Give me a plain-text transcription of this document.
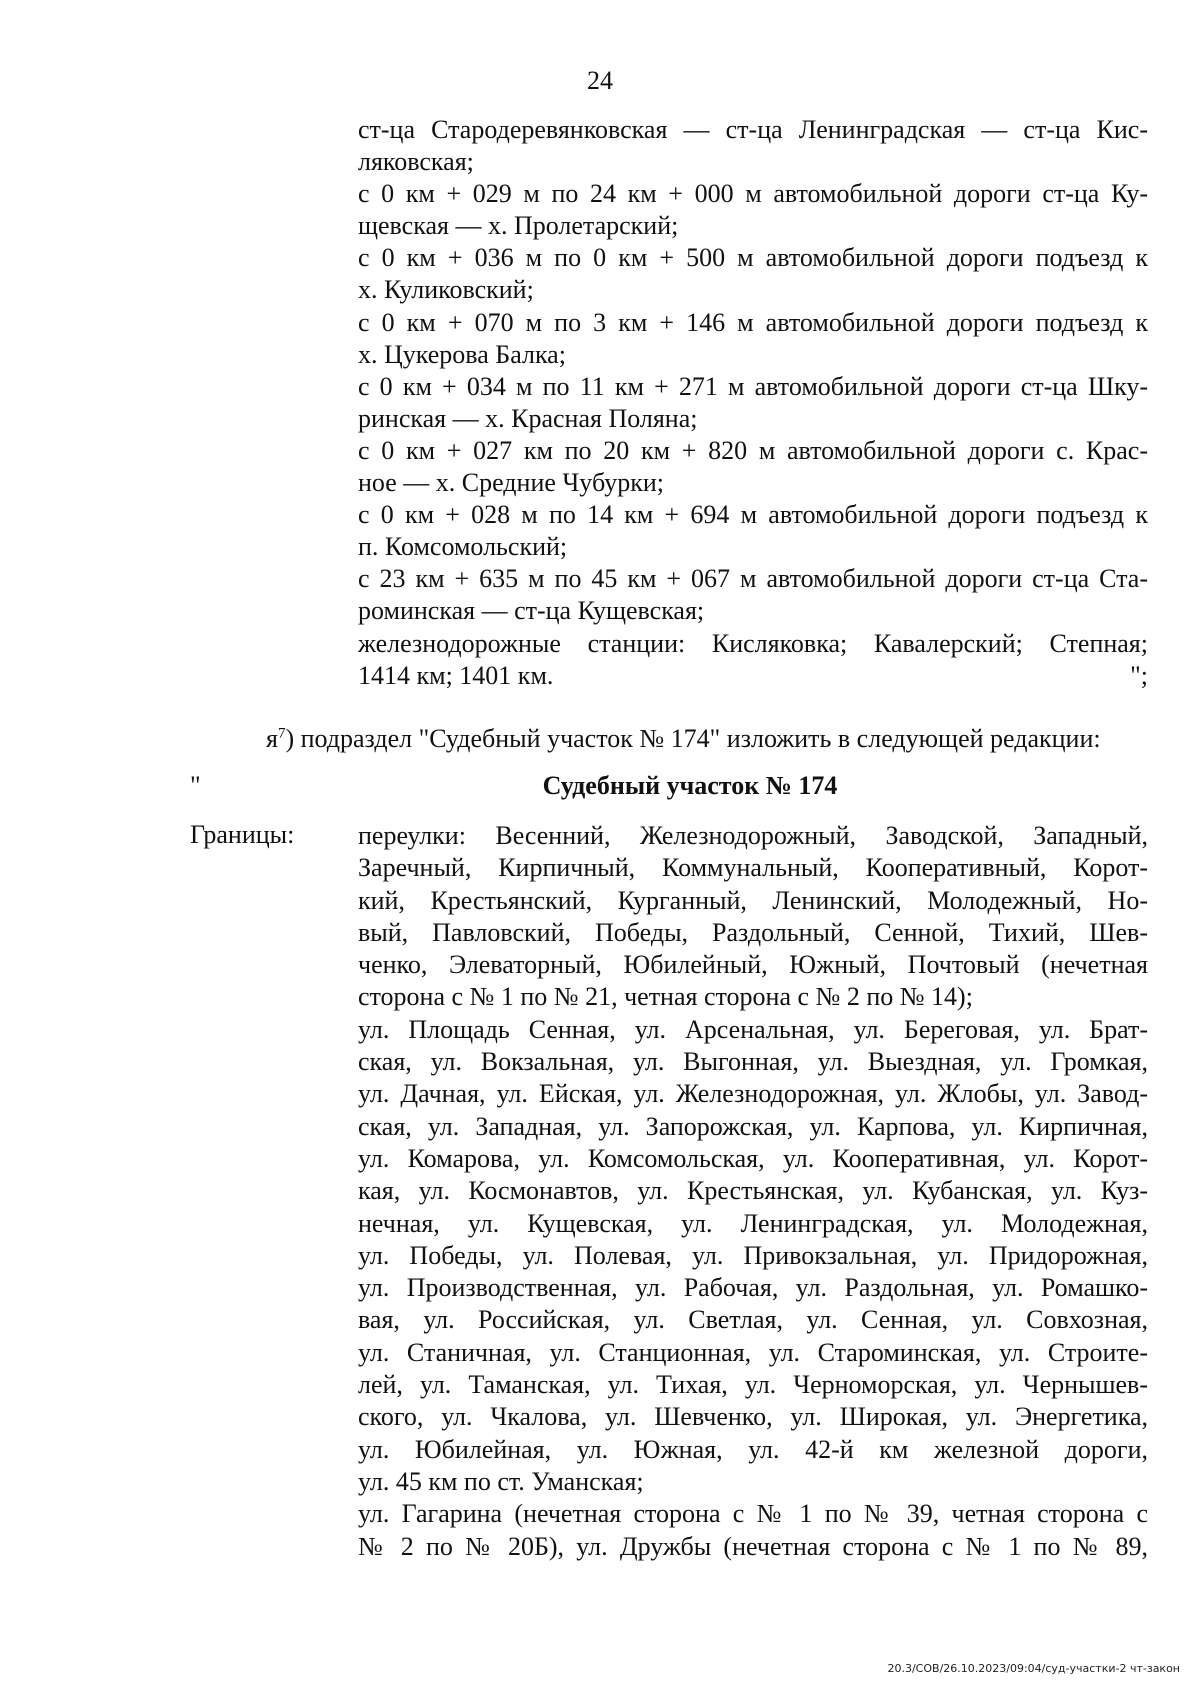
24
ст-ца Стародеревянковская — ст-ца Ленинградская — ст-ца Кис-
ляковская;
с 0 км + 029 м по 24 км + 000 м автомобильной дороги ст-ца Ку-
щевская — х. Пролетарский;
с 0 км + 036 м по 0 км + 500 м автомобильной дороги подъезд к
х. Куликовский;
с 0 км + 070 м по 3 км + 146 м автомобильной дороги подъезд к
х. Цукерова Балка;
с 0 км + 034 м по 11 км + 271 м автомобильной дороги ст-ца Шку-
ринская — х. Красная Поляна;
с 0 км + 027 км по 20 км + 820 м автомобильной дороги с. Крас-
ное — х. Средние Чубурки;
с 0 км + 028 м по 14 км + 694 м автомобильной дороги подъезд к
п. Комсомольский;
с 23 км + 635 м по 45 км + 067 м автомобильной дороги ст-ца Ста-
роминская — ст-ца Кущевская;
железнодорожные станции: Кисляковка; Кавалерский; Степная;
1414 км; 1401 км.	";
$я^7$) подраздел "Судебный участок № 174" изложить в следующей редакции:
"	Судебный участок № 174
Границы: переулки: Весенний, Железнодорожный, Заводской, Западный,
Заречный, Кирпичный, Коммунальный, Кооперативный, Корот-
кий, Крестьянский, Курганный, Ленинский, Молодежный, Но-
вый, Павловский, Победы, Раздольный, Сенной, Тихий, Шев-
ченко, Элеваторный, Юбилейный, Южный, Почтовый (нечетная
сторона с № 1 по № 21, четная сторона с № 2 по № 14);
ул. Площадь Сенная, ул. Арсенальная, ул. Береговая, ул. Брат-
ская, ул. Вокзальная, ул. Выгонная, ул. Выездная, ул. Громкая,
ул. Дачная, ул. Ейская, ул. Железнодорожная, ул. Жлобы, ул. Завод-
ская, ул. Западная, ул. Запорожская, ул. Карпова, ул. Кирпичная,
ул. Комарова, ул. Комсомольская, ул. Кооперативная, ул. Корот-
кая, ул. Космонавтов, ул. Крестьянская, ул. Кубанская, ул. Куз-
нечная, ул. Кущевская, ул. Ленинградская, ул. Молодежная,
ул. Победы, ул. Полевая, ул. Привокзальная, ул. Придорожная,
ул. Производственная, ул. Рабочая, ул. Раздольная, ул. Ромашко-
вая, ул. Российская, ул. Светлая, ул. Сенная, ул. Совхозная,
ул. Станичная, ул. Станционная, ул. Староминская, ул. Строите-
лей, ул. Таманская, ул. Тихая, ул. Черноморская, ул. Чернышев-
ского, ул. Чкалова, ул. Шевченко, ул. Широкая, ул. Энергетика,
ул. Юбилейная, ул. Южная, ул. 42-й км железной дороги,
ул. 45 км по ст. Уманская;
ул. Гагарина (нечетная сторона с № 1 по № 39, четная сторона с
№ 2 по № 20Б), ул. Дружбы (нечетная сторона с № 1 по № 89,
20.3/СОВ/26.10.2023/09:04/суд-участки-2 чт-закон
